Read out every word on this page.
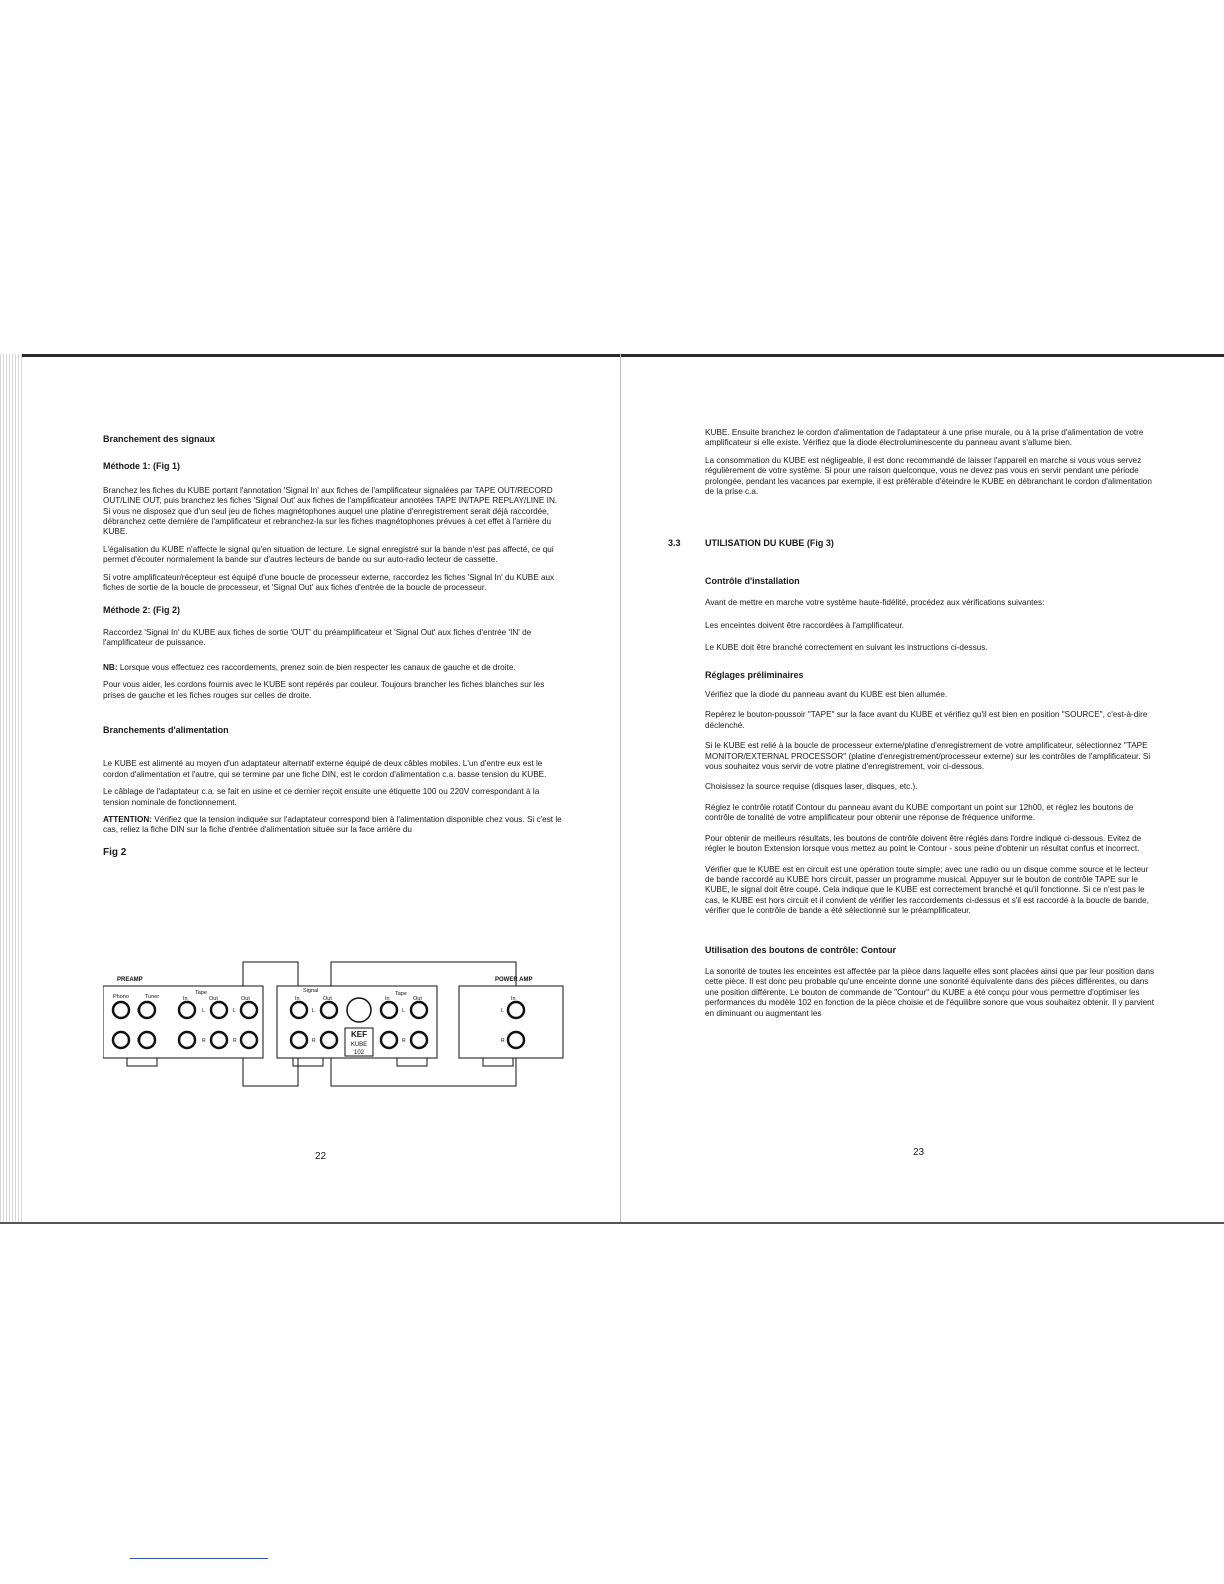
Branchement des signaux
Méthode 1: (Fig 1)

Branchez les fiches du KUBE portant l'annotation 'Signal In' aux fiches de l'amplificateur signalées par TAPE OUT/RECORD OUT/LINE OUT, puis branchez les fiches 'Signal Out' aux fiches de l'amplificateur annotées TAPE IN/TAPE REPLAY/LINE IN. Si vous ne disposez que d'un seul jeu de fiches magnétophones auquel une platine d'enregistrement serait déjà raccordée, débranchez cette dernière de l'amplificateur et rebranchez-la sur les fiches magnétophones prévues à cet effet à l'arrière du KUBE.

L'égalisation du KUBE n'affecte le signal qu'en situation de lecture. Le signal enregistré sur la bande n'est pas affecté, ce qui permet d'écouter normalement la bande sur d'autres lecteurs de bande ou sur auto-radio lecteur de cassette.

Si votre amplificateur/récepteur est équipé d'une boucle de processeur externe, raccordez les fiches 'Signal In' du KUBE aux fiches de sortie de la boucle de processeur, et 'Signal Out' aux fiches d'entrée de la boucle de processeur.

Méthode 2: (Fig 2)

Raccordez 'Signal In' du KUBE aux fiches de sortie 'OUT' du préamplificateur et 'Signal Out' aux fiches d'entrée 'IN' de l'amplificateur de puissance.

NB: Lorsque vous effectuez ces raccordements, prenez soin de bien respecter les canaux de gauche et de droite.

Pour vous aider, les cordons fournis avec le KUBE sont repérés par couleur. Toujours brancher les fiches blanches sur les prises de gauche et les fiches rouges sur celles de droite.

Branchements d'alimentation

Le KUBE est alimenté au moyen d'un adaptateur alternatif externe équipé de deux câbles mobiles. L'un d'entre eux est le cordon d'alimentation et l'autre, qui se termine par une fiche DIN, est le cordon d'alimentation c.a. basse tension du KUBE.

Le câblage de l'adaptateur c.a. se fait en usine et ce dernier reçoit ensuite une étiquette 100 ou 220V correspondant à la tension nominale de fonctionnement.

ATTENTION: Vérifiez que la tension indiquée sur l'adaptateur correspond bien à l'alimentation disponible chez vous. Si c'est le cas, reliez la fiche DIN sur la fiche d'entrée d'alimentation située sur la face arrière du

Fig 2
PREAMP	POWER AMP
Phono	Tuner
Tape
In	Out	Out
Signal
In	Out
Tape
In	Out	In
L
R
L
R
L
R
L
R
L
R
L
R
KEF
KUBE
102
22

KUBE. Ensuite branchez le cordon d'alimentation de l'adaptateur à une prise murale, ou à la prise d'alimentation de votre amplificateur si elle existe. Vérifiez que la diode électroluminescente du panneau avant s'allume bien.

La consommation du KUBE est négligeable, il est donc recommandé de laisser l'appareil en marche si vous vous servez régulièrement de votre système. Si pour une raison quelconque, vous ne devez pas vous en servir pendant une période prolongée, pendant les vacances par exemple, il est préférable d'éteindre le KUBE en débranchant le cordon d'alimentation de la prise c.a.

3.3	UTILISATION DU KUBE (Fig 3)
Contrôle d'installation

Avant de mettre en marche votre système haute-fidélité, procédez aux vérifications suivantes:

Les enceintes doivent être raccordées à l'amplificateur.

Le KUBE doit être branché correctement en suivant les instructions ci-dessus.

Réglages préliminaires

Vérifiez que la diode du panneau avant du KUBE est bien allumée.

Repérez le bouton-poussoir "TAPE" sur la face avant du KUBE et vérifiez qu'il est bien en position "SOURCE", c'est-à-dire déclenché.

Si le KUBE est relié à la boucle de processeur externe/platine d'enregistrement de votre amplificateur, sélectionnez "TAPE MONITOR/EXTERNAL PROCESSOR" (platine d'enregistrement/processeur externe) sur les contrôles de l'amplificateur. Si vous souhaitez vous servir de votre platine d'enregistrement, voir ci-dessous.

Choisissez la source requise (disques laser, disques, etc.).

Réglez le contrôle rotatif Contour du panneau avant du KUBE comportant un point sur 12h00, et réglez les boutons de contrôle de tonalité de votre amplificateur pour obtenir une réponse de fréquence uniforme.

Pour obtenir de meilleurs résultats, les boutons de contrôle doivent être réglés dans l'ordre indiqué ci-dessous. Evitez de régler le bouton Extension lorsque vous mettez au point le Contour - sous peine d'obtenir un résultat confus et incorrect.

Vérifier que le KUBE est en circuit est une opération toute simple; avec une radio ou un disque comme source et le lecteur de bande raccordé au KUBE hors circuit, passer un programme musical. Appuyer sur le bouton de contrôle TAPE sur le KUBE, le signal doit être coupé. Cela indique que le KUBE est correctement branché et qu'il fonctionne. Si ce n'est pas le cas, le KUBE est hors circuit et il convient de vérifier les raccordements ci-dessus et s'il est raccordé à la boucle de bande, vérifier que le contrôle de bande a été sélectionné sur le préamplificateur.

Utilisation des boutons de contrôle: Contour

La sonorité de toutes les enceintes est affectée par la pièce dans laquelle elles sont placées ainsi que par leur position dans cette pièce. Il est donc peu probable qu'une enceinte donne une sonorité équivalente dans des pièces différentes, ou dans une position différente. Le bouton de commande de "Contour" du KUBE a été conçu pour vous permettre d'optimiser les performances du modèle 102 en fonction de la pièce choisie et de l'équilibre sonore que vous souhaitez obtenir. Il y parvient en diminuant ou augmentant les

23
